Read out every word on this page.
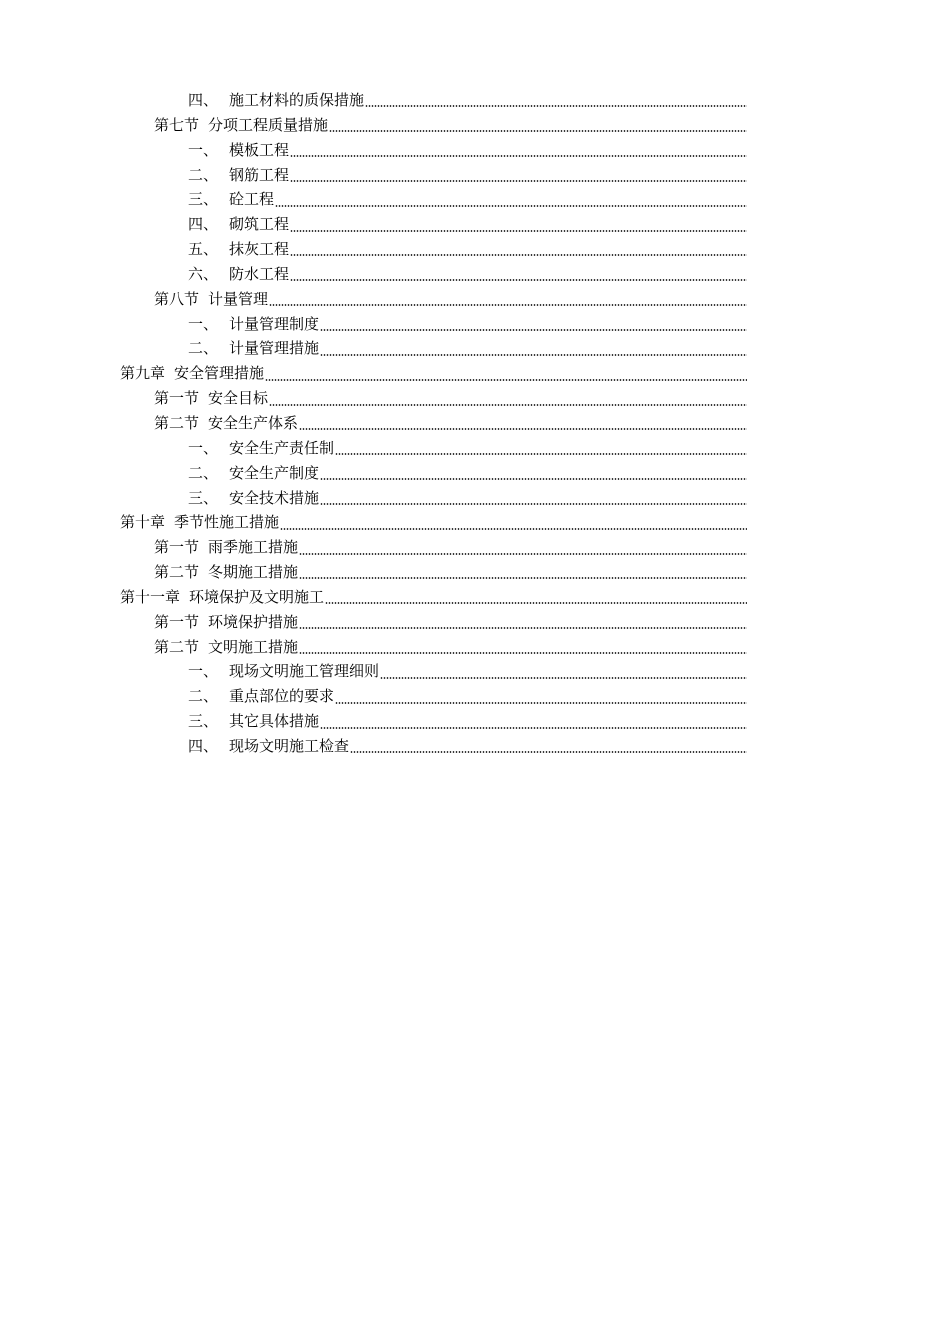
四、 施工材料的质保措施
第七节 分项工程质量措施
一、 模板工程
二、 钢筋工程
三、 砼工程
四、 砌筑工程
五、 抹灰工程
六、 防水工程
第八节 计量管理
一、 计量管理制度
二、 计量管理措施
第九章 安全管理措施
第一节 安全目标
第二节 安全生产体系
一、 安全生产责任制
二、 安全生产制度
三、 安全技术措施
第十章 季节性施工措施
第一节 雨季施工措施
第二节 冬期施工措施
第十一章 环境保护及文明施工
第一节 环境保护措施
第二节 文明施工措施
一、 现场文明施工管理细则
二、 重点部位的要求
三、 其它具体措施
四、 现场文明施工检查
